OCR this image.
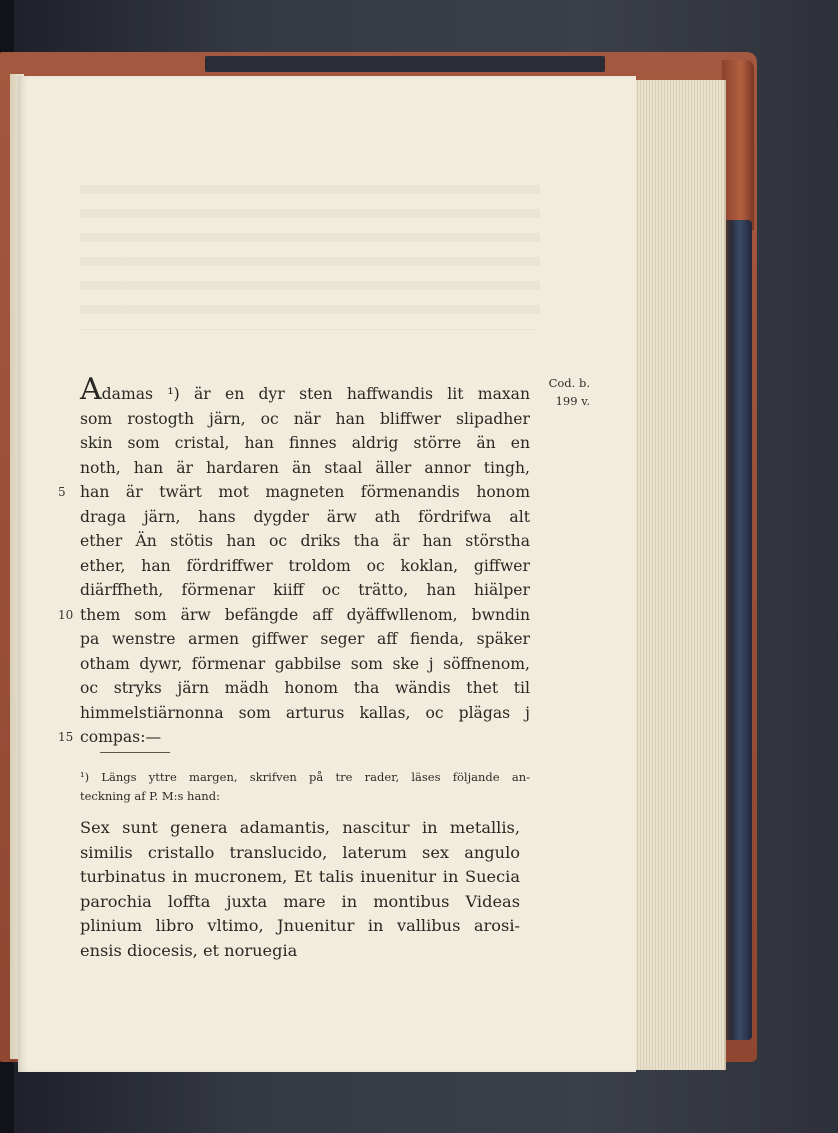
Cod. b.
199 v.
Adamas ¹) är en dyr sten haffwandis lit maxan
som rostogth järn, oc när han bliffwer slipadher
skin som cristal, han finnes aldrig större än en
noth, han är hardaren än staal äller annor tingh,
5 han är twärt mot magneten förmenandis honom
draga järn, hans dygder ärw ath fördrifwa alt
ether Än stötis han oc driks tha är han störstha
ether, han fördriffwer troldom oc koklan, giffwer
diärffheth, förmenar kiiff oc trätto, han hiälper
10 them som ärw befängde aff dyäffwllenom, bwndin
pa wenstre armen giffwer seger aff fienda, späker
otham dywr, förmenar gabbilse som ske j söffnenom,
oc stryks järn mädh honom tha wändis thet til
himmelstiärnonna som arturus kallas, oc plägas j
15 compas:—
¹) Längs yttre margen, skrifven på tre rader, läses följande an-
teckning af P. M:s hand:
Sex sunt genera adamantis, nascitur in metallis,
similis cristallo translucido, laterum sex angulo
turbinatus in mucronem, Et talis inuenitur in Suecia
parochia loffta juxta mare in montibus Videas
plinium libro vltimo, Jnuenitur in vallibus arosi-
ensis diocesis, et noruegia
